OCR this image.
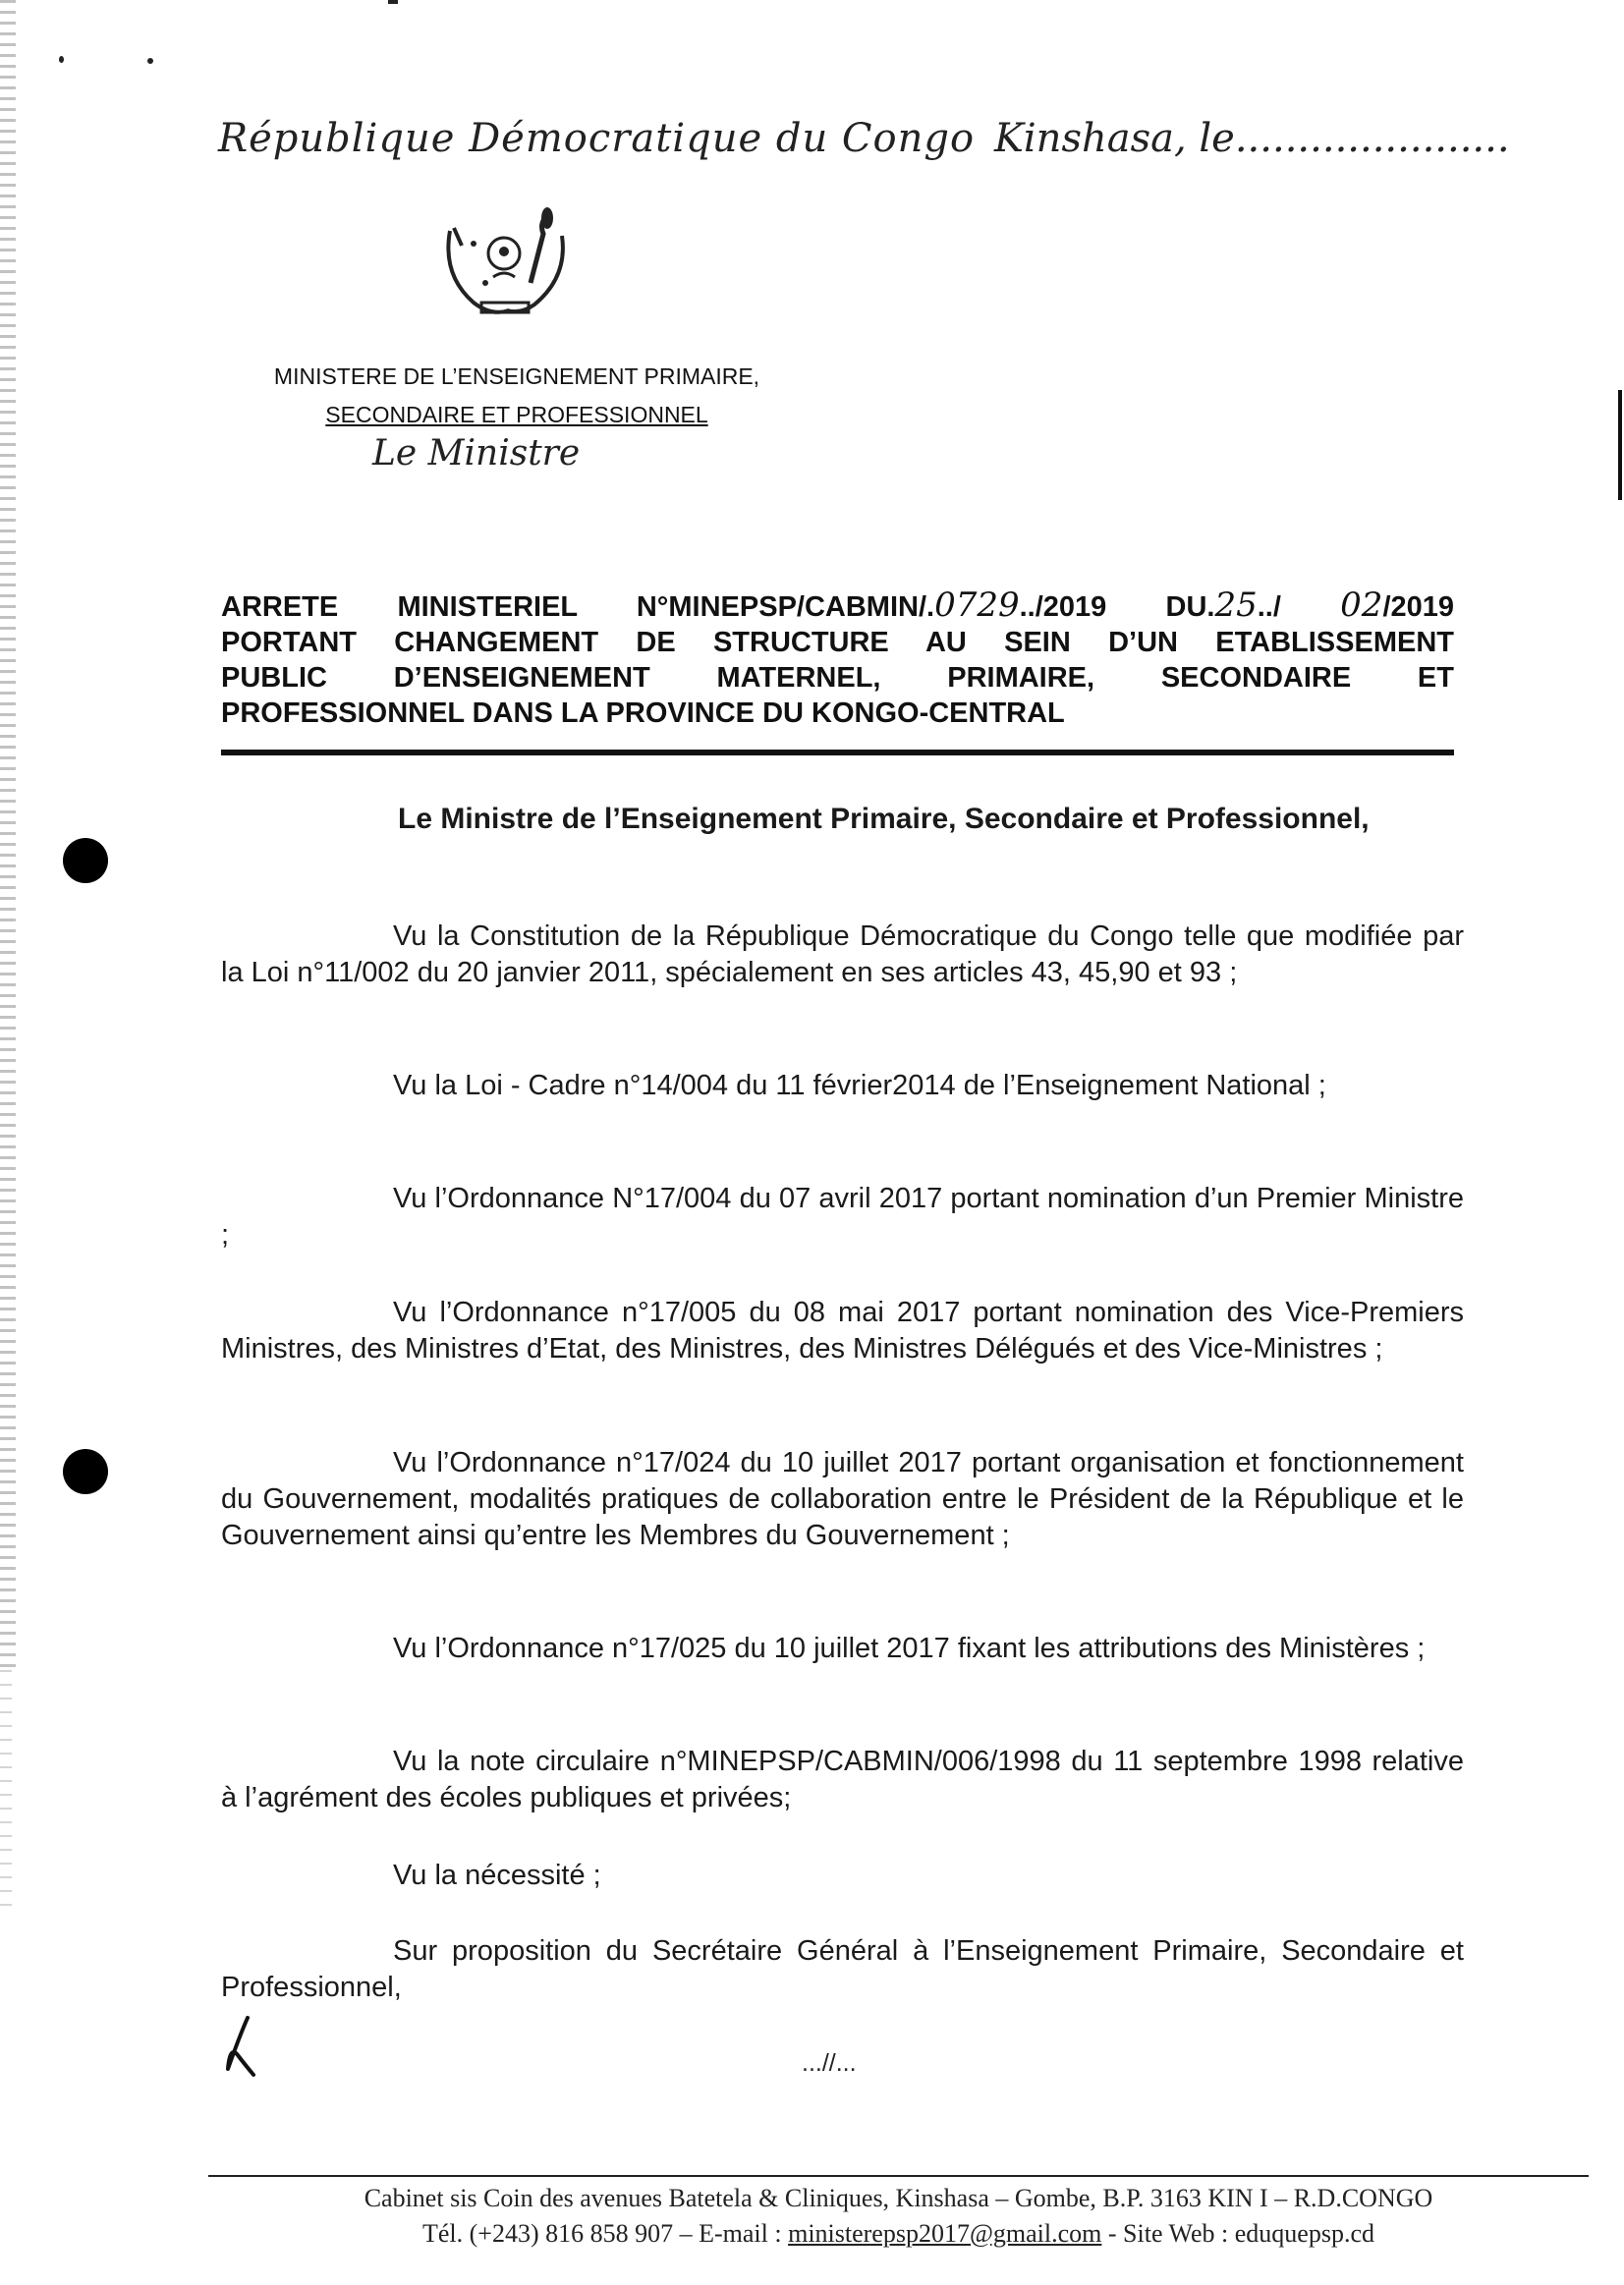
République Démocratique du Congo Kinshasa, le......................
MINISTERE DE L’ENSEIGNEMENT PRIMAIRE,
SECONDAIRE ET PROFESSIONNEL
Le Ministre
ARRETE MINISTERIEL N°MINEPSP/CABMIN/.0729../2019 DU.25../ 02/2019
PORTANT CHANGEMENT DE STRUCTURE AU SEIN D’UN ETABLISSEMENT
PUBLIC D’ENSEIGNEMENT MATERNEL, PRIMAIRE, SECONDAIRE ET
PROFESSIONNEL DANS LA PROVINCE DU KONGO-CENTRAL
Le Ministre de l’Enseignement Primaire, Secondaire et Professionnel,
Vu la Constitution de la République Démocratique du Congo telle que modifiée par la Loi n°11/002 du 20 janvier 2011, spécialement en ses articles 43, 45,90 et 93 ;
Vu la Loi - Cadre n°14/004 du 11 février2014 de l’Enseignement National ;
Vu l’Ordonnance N°17/004 du 07 avril 2017 portant nomination d’un Premier Ministre ;
Vu l’Ordonnance n°17/005 du 08 mai 2017 portant nomination des Vice-Premiers Ministres, des Ministres d’Etat, des Ministres, des Ministres Délégués et des Vice-Ministres ;
Vu l’Ordonnance n°17/024 du 10 juillet 2017 portant organisation et fonctionnement du Gouvernement, modalités pratiques de collaboration entre le Président de la République et le Gouvernement ainsi qu’entre les Membres du Gouvernement ;
Vu l’Ordonnance n°17/025 du 10 juillet 2017 fixant les attributions des Ministères ;
Vu la note circulaire n°MINEPSP/CABMIN/006/1998 du 11 septembre 1998 relative à l’agrément des écoles publiques et privées;
Vu la nécessité ;
Sur proposition du Secrétaire Général à l’Enseignement Primaire, Secondaire et Professionnel,
...//...
Cabinet sis Coin des avenues Batetela & Cliniques, Kinshasa – Gombe, B.P. 3163 KIN I – R.D.CONGO
Tél. (+243) 816 858 907 – E-mail : ministerepsp2017@gmail.com - Site Web : eduquepsp.cd
